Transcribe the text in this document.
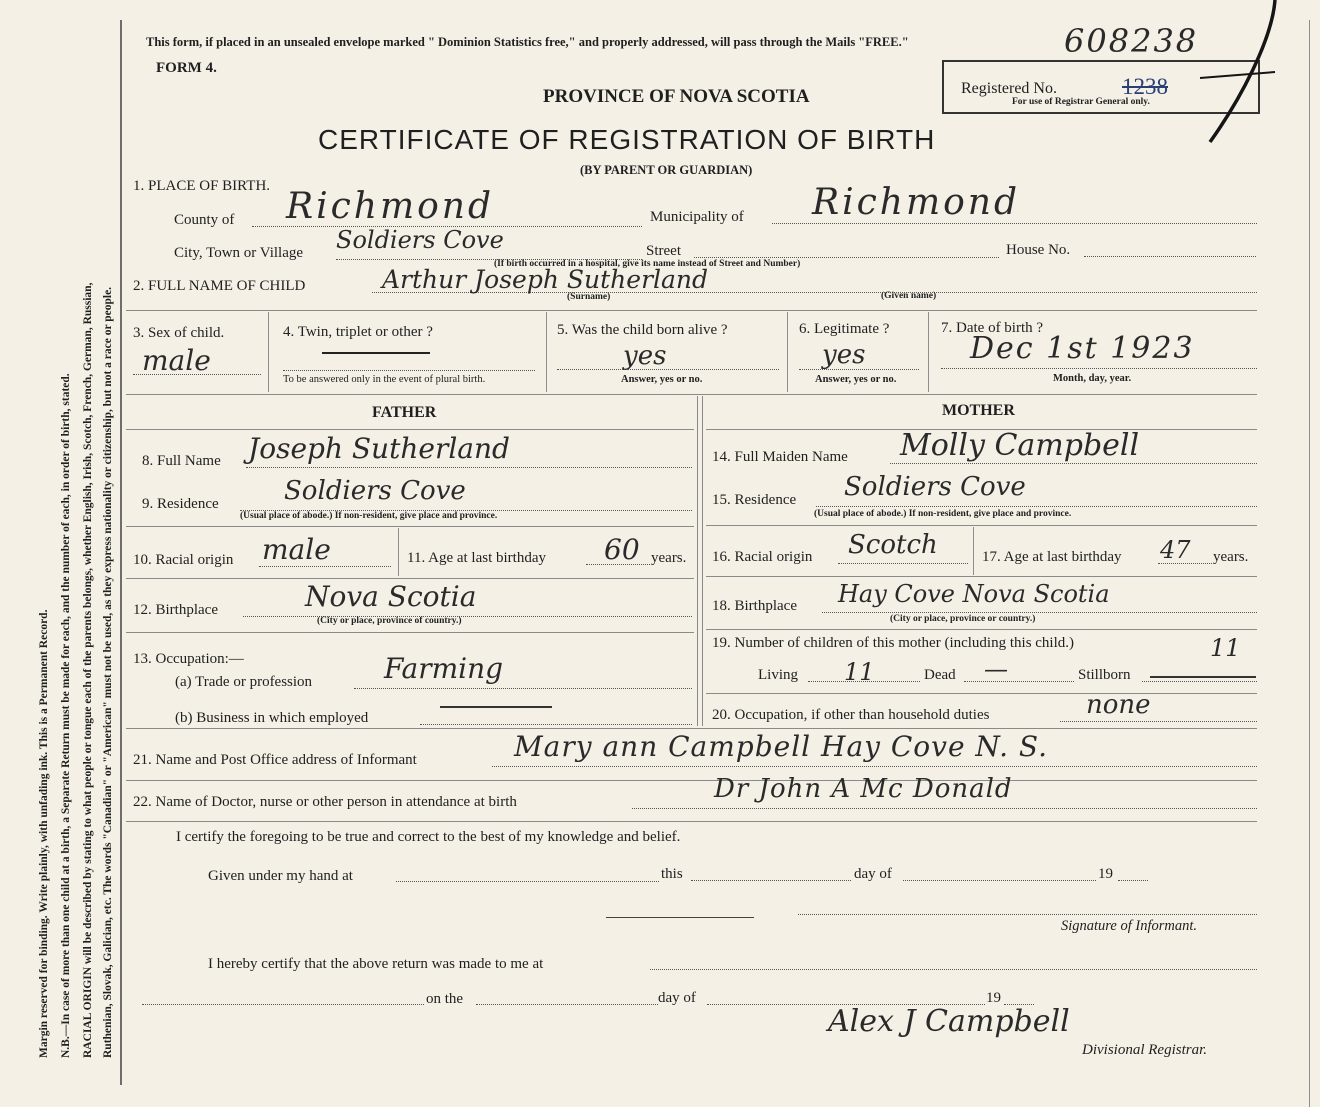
Margin reserved for binding. Write plainly, with unfading ink. This is a Permanent Record. N.B.—In case of more than one child at a birth, a Separate Return must be made for each, and the number of each, in order of birth, stated. RACIAL ORIGIN will be described by stating to what people or tongue each of the parents belongs, whether English, Irish, Scotch, French, German, Russian, Ruthenian, Slovak, Galician, etc. The words "Canadian" or "American" must not be used, as they express nationality or citizenship, but not a race or people.
This form, if placed in an unsealed envelope marked " Dominion Statistics free," and properly addressed, will pass through the Mails "FREE."	608238
FORM 4.
PROVINCE OF NOVA SCOTIA	Registered No.	1238
For use of Registrar General only.
CERTIFICATE OF REGISTRATION OF BIRTH
(BY PARENT OR GUARDIAN)
1. PLACE OF BIRTH.
County of Richmond	Municipality of Richmond
City, Town or Village Soldiers Cove	Street
(If birth occurred in a hospital, give its name instead of Street and Number)
House No.
2. FULL NAME OF CHILD	Arthur Joseph Sutherland
(Surname)	(Given name)
3. Sex of child.
male
4. Twin, triplet or other ?
To be answered only in the event of plural birth.
5. Was the child born alive ?
yes
Answer, yes or no.
6. Legitimate ?
yes
Answer, yes or no.
7. Date of birth ?
Dec 1st 1923
Month, day, year.
FATHER	MOTHER
8. Full Name Joseph Sutherland
9. Residence	Soldiers Cove
(Usual place of abode.) If non-resident, give place and province.
10. Racial origin male	11. Age at last birthday 60 years.
12. Birthplace	Nova Scotia
(City or place, province of country.)
13. Occupation:—
(a) Trade or profession	Farming
(b) Business in which employed
14. Full Maiden Name Molly Campbell
15. Residence Soldiers Cove
(Usual place of abode.) If non-resident, give place and province.
16. Racial origin Scotch	17. Age at last birthday 47 years.
18. Birthplace Hay Cove Nova Scotia
(City or place, province or country.)
19. Number of children of this mother (including this child.)	11
Living 11	Dead —	Stillborn
20. Occupation, if other than household duties	none
21. Name and Post Office address of Informant	Mary ann Campbell Hay Cove N. S.
22. Name of Doctor, nurse or other person in attendance at birth	Dr John A Mc Donald
I certify the foregoing to be true and correct to the best of my knowledge and belief.
Given under my hand at	this	day of	19
Signature of Informant.
I hereby certify that the above return was made to me at
on the	day of	19
Alex J Campbell
Divisional Registrar.
